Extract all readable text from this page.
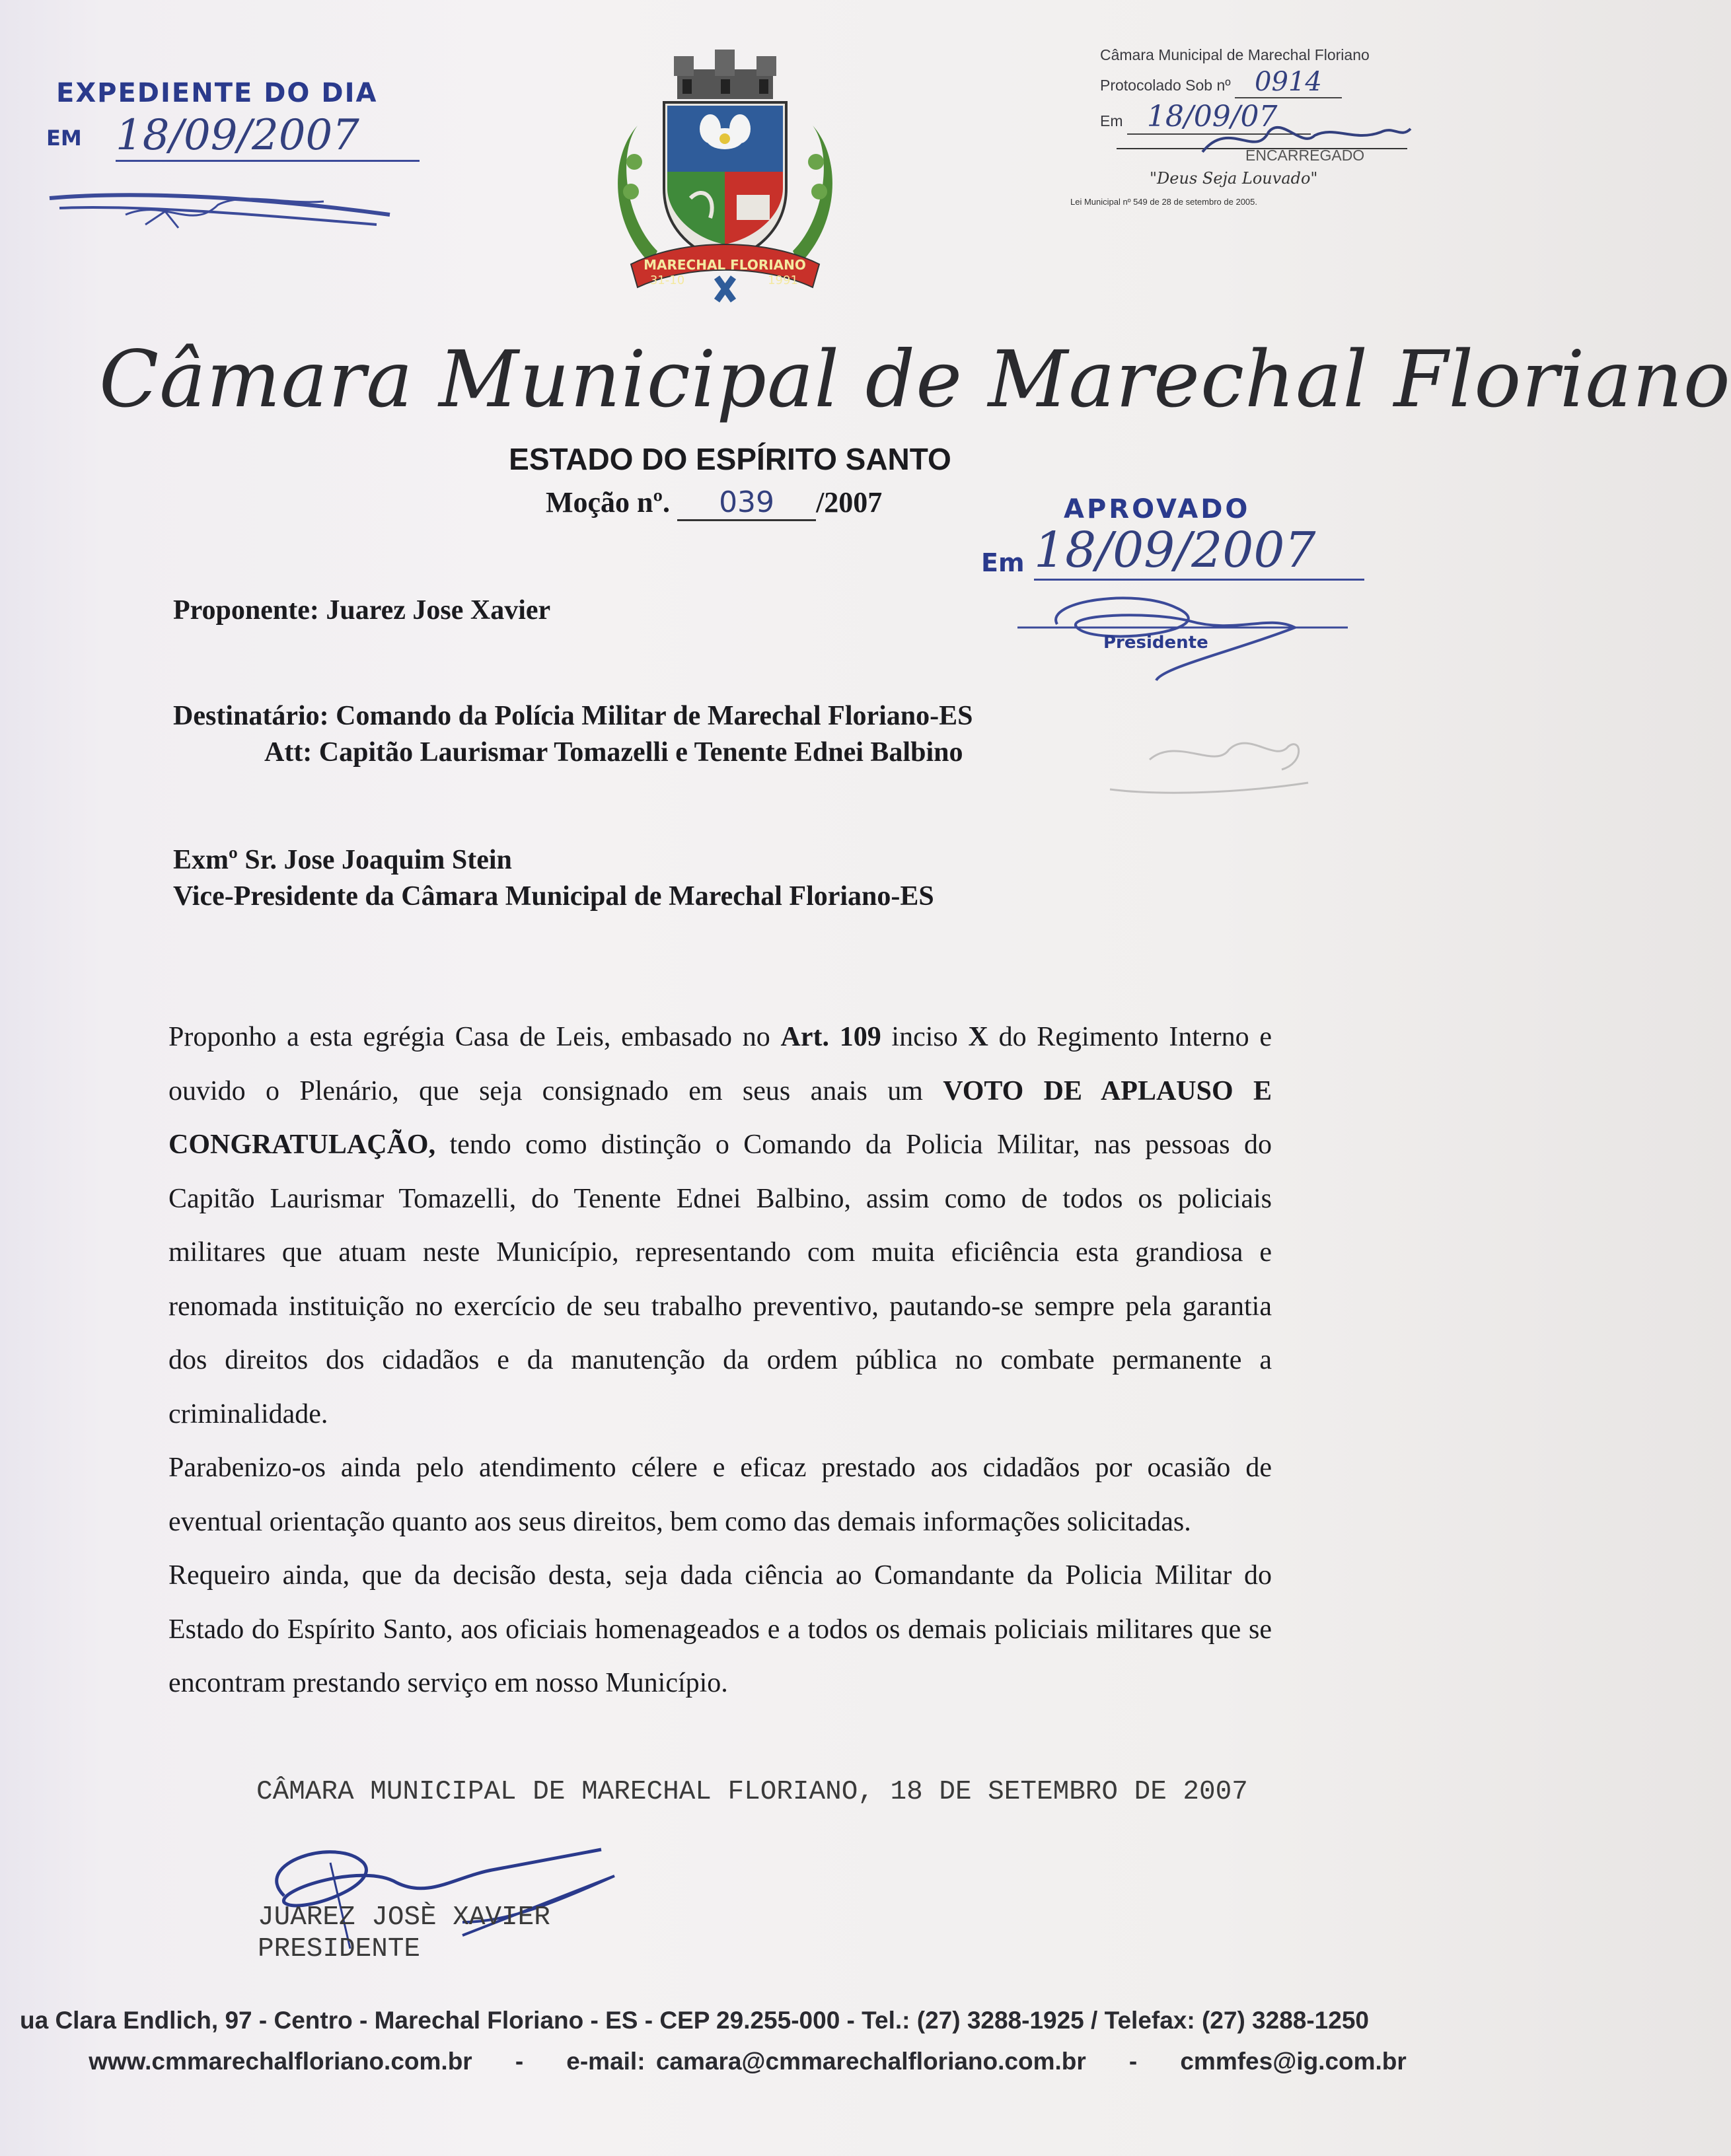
EXPEDIENTE DO DIA
EM 18/09/2007
MARECHAL FLORIANO
31-10	1991
Câmara Municipal de Marechal Floriano
Protocolado Sob nº 0914
Em 18/09/07
ENCARREGADO
"Deus Seja Louvado"
Lei Municipal nº 549 de 28 de setembro de 2005.
Câmara Municipal de Marechal Floriano
ESTADO DO ESPÍRITO SANTO
Moção nº. 039 /2007	APROVADO
Em 18/09/2007
Presidente
Proponente: Juarez Jose Xavier
Destinatário: Comando da Polícia Militar de Marechal Floriano-ES
Att: Capitão Laurismar Tomazelli e Tenente Ednei Balbino
Exmº Sr. Jose Joaquim Stein
Vice-Presidente da Câmara Municipal de Marechal Floriano-ES

Proponho a esta egrégia Casa de Leis, embasado no Art. 109 inciso X do Regimento Interno e ouvido o Plenário, que seja consignado em seus anais um VOTO DE APLAUSO E CONGRATULAÇÃO, tendo como distinção o Comando da Policia Militar, nas pessoas do Capitão Laurismar Tomazelli, do Tenente Ednei Balbino, assim como de todos os policiais militares que atuam neste Município, representando com muita eficiência esta grandiosa e renomada instituição no exercício de seu trabalho preventivo, pautando-se sempre pela garantia dos direitos dos cidadãos e da manutenção da ordem pública no combate permanente a criminalidade.

Parabenizo-os ainda pelo atendimento célere e eficaz prestado aos cidadãos por ocasião de eventual orientação quanto aos seus direitos, bem como das demais informações solicitadas.

Requeiro ainda, que da decisão desta, seja dada ciência ao Comandante da Policia Militar do Estado do Espírito Santo, aos oficiais homenageados e a todos os demais policiais militares que se encontram prestando serviço em nosso Município.

CÂMARA MUNICIPAL DE MARECHAL FLORIANO, 18 DE SETEMBRO DE 2007
JUAREZ JOSÈ XAVIER
PRESIDENTE
ua Clara Endlich, 97 - Centro - Marechal Floriano - ES - CEP 29.255-000 - Tel.: (27) 3288-1925 / Telefax: (27) 3288-1250
www.cmmarechalfloriano.com.br - e-mail: camara@cmmarechalfloriano.com.br - cmmfes@ig.com.br
